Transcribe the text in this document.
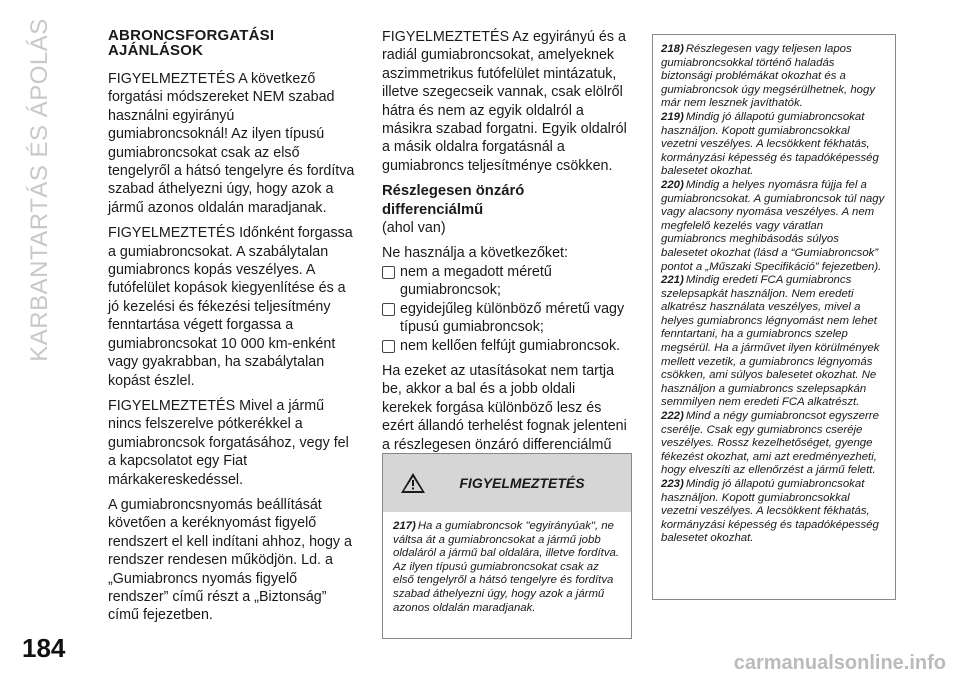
KARBANTARTÁS ÉS ÁPOLÁS	ABRONCSFORGATÁSI AJÁNLÁSOK

FIGYELMEZTETÉS A következő forgatási módszereket NEM szabad használni egyirányú gumiabroncsoknál! Az ilyen típusú gumiabroncsokat csak az első tengelyről a hátsó tengelyre és fordítva szabad áthelyezni úgy, hogy azok a jármű azonos oldalán maradjanak.

FIGYELMEZTETÉS Időnként forgassa a gumiabroncsokat. A szabálytalan gumiabroncs kopás veszélyes. A futófelület kopások kiegyenlítése és a jó kezelési és fékezési teljesítmény fenntartása végett forgassa a gumiabroncsokat 10 000 km-enként vagy gyakrabban, ha szabálytalan kopást észlel.

FIGYELMEZTETÉS Mivel a jármű nincs felszerelve pótkerékkel a gumiabroncsok forgatásához, vegy fel a kapcsolatot egy Fiat márkakereskedéssel.

A gumiabroncsnyomás beállítását követően a keréknyomást figyelő rendszert el kell indítani ahhoz, hogy a rendszer rendesen működjön. Ld. a „Gumiabroncs nyomás figyelő rendszer” című részt a „Biztonság” című fejezetben.

FIGYELMEZTETÉS Az egyirányú és a radiál gumiabroncsokat, amelyeknek aszimmetrikus futófelület mintázatuk, illetve szegecseik vannak, csak elölről hátra és nem az egyik oldalról a másikra szabad forgatni. Egyik oldalról a másik oldalra forgatásnál a gumiabroncs teljesítménye csökken.

Részlegesen önzáró differenciálmű

(ahol van)

Ne használja a következőket:

nem a megadott méretű gumiabroncsok;
egyidejűleg különböző méretű vagy típusú gumiabroncsok;
nem kellően felfújt gumiabroncsok.

Ha ezeket az utasításokat nem tartja be, akkor a bal és a jobb oldali kerekek forgása különböző lesz és ezért állandó terhelést fognak jelenteni a részlegesen önzáró differenciálmű

FIGYELMEZTETÉS
217) Ha a gumiabroncsok "egyirányúak", ne váltsa át a gumiabroncsokat a jármű jobb oldaláról a jármű bal oldalára, illetve fordítva. Az ilyen típusú gumiabroncsokat csak az első tengelyről a hátsó tengelyre és fordítva szabad áthelyezni úgy, hogy azok a jármű azonos oldalán maradjanak.

218) Részlegesen vagy teljesen lapos gumiabroncsokkal történő haladás biztonsági problémákat okozhat és a gumiabroncsok úgy megsérülhetnek, hogy már nem lesznek javíthatók.

219) Mindig jó állapotú gumiabroncsokat használjon. Kopott gumiabroncsokkal vezetni veszélyes. A lecsökkent fékhatás, kormányzási képesség és tapadóképesség balesetet okozhat.

220) Mindig a helyes nyomásra fújja fel a gumiabroncsokat. A gumiabroncsok túl nagy vagy alacsony nyomása veszélyes. A nem megfelelő kezelés vagy váratlan gumiabroncs meghibásodás súlyos balesetet okozhat (lásd a “Gumiabroncsok” pontot a „Műszaki Specifikáció” fejezetben).

221) Mindig eredeti FCA gumiabroncs szelepsapkát használjon. Nem eredeti alkatrész használata veszélyes, mivel a helyes gumiabroncs légnyomást nem lehet fenntartani, ha a gumiabroncs szelep megsérül. Ha a járművet ilyen körülmények mellett vezetik, a gumiabroncs légnyomás csökken, ami súlyos balesetet okozhat. Ne használjon a gumiabroncs szelepsapkán semmilyen nem eredeti FCA alkatrészt.

222) Mind a négy gumiabroncsot egyszerre cserélje. Csak egy gumiabroncs cseréje veszélyes. Rossz kezelhetőséget, gyenge fékezést okozhat, ami azt eredményezheti, hogy elveszíti az ellenőrzést a jármű felett.

223) Mindig jó állapotú gumiabroncsokat használjon. Kopott gumiabroncsokkal vezetni veszélyes. A lecsökkent fékhatás, kormányzási képesség és tapadóképesség balesetet okozhat.

184	carmanualsonline.info
